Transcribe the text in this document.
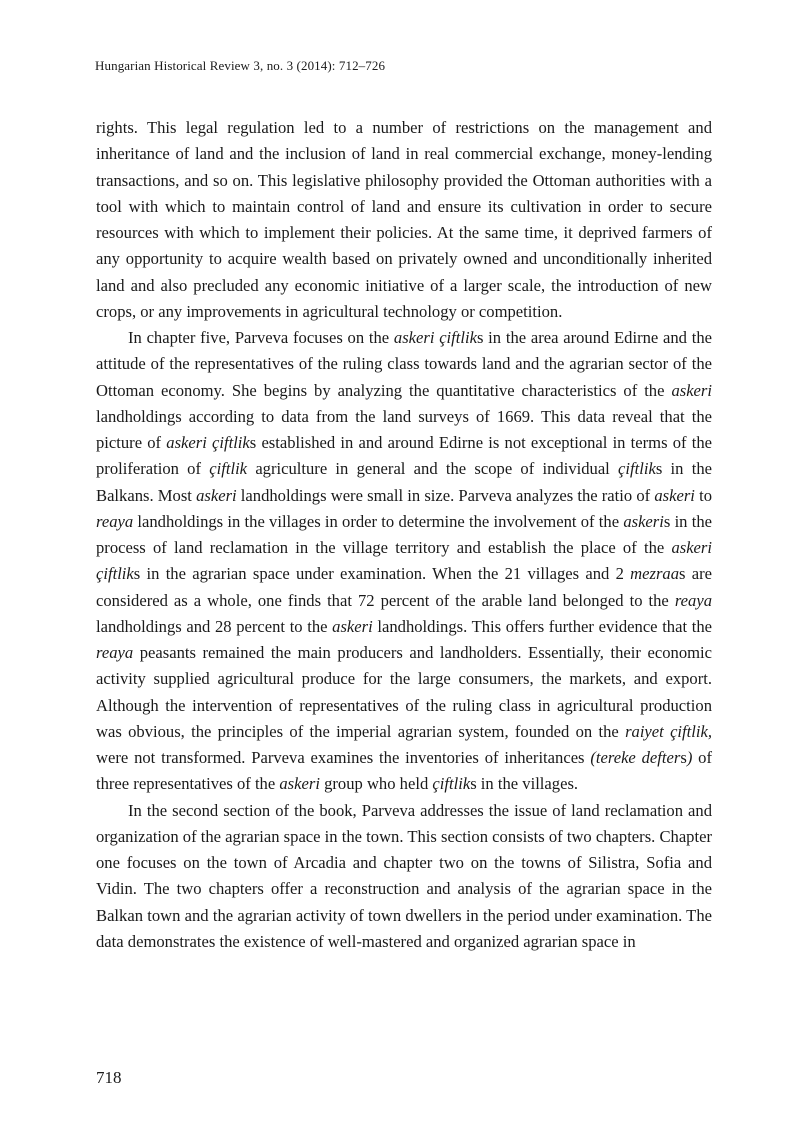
Hungarian Historical Review 3, no. 3 (2014): 712–726

rights. This legal regulation led to a number of restrictions on the management and inheritance of land and the inclusion of land in real commercial exchange, money-lending transactions, and so on. This legislative philosophy provided the Ottoman authorities with a tool with which to maintain control of land and ensure its cultivation in order to secure resources with which to implement their policies. At the same time, it deprived farmers of any opportunity to acquire wealth based on privately owned and unconditionally inherited land and also precluded any economic initiative of a larger scale, the introduction of new crops, or any improvements in agricultural technology or competition.

In chapter five, Parveva focuses on the askeri çiftliks in the area around Edirne and the attitude of the representatives of the ruling class towards land and the agrarian sector of the Ottoman economy. She begins by analyzing the quantitative characteristics of the askeri landholdings according to data from the land surveys of 1669. This data reveal that the picture of askeri çiftliks established in and around Edirne is not exceptional in terms of the proliferation of çiftlik agriculture in general and the scope of individual çiftliks in the Balkans. Most askeri landholdings were small in size. Parveva analyzes the ratio of askeri to reaya landholdings in the villages in order to determine the involvement of the askeris in the process of land reclamation in the village territory and establish the place of the askeri çiftliks in the agrarian space under examination. When the 21 villages and 2 mezraas are considered as a whole, one finds that 72 percent of the arable land belonged to the reaya landholdings and 28 percent to the askeri landholdings. This offers further evidence that the reaya peasants remained the main producers and landholders. Essentially, their economic activity supplied agricultural produce for the large consumers, the markets, and export. Although the intervention of representatives of the ruling class in agricultural production was obvious, the principles of the imperial agrarian system, founded on the raiyet çiftlik, were not transformed. Parveva examines the inventories of inheritances (tereke defters) of three representatives of the askeri group who held çiftliks in the villages.

In the second section of the book, Parveva addresses the issue of land reclamation and organization of the agrarian space in the town. This section consists of two chapters. Chapter one focuses on the town of Arcadia and chapter two on the towns of Silistra, Sofia and Vidin. The two chapters offer a reconstruction and analysis of the agrarian space in the Balkan town and the agrarian activity of town dwellers in the period under examination. The data demonstrates the existence of well-mastered and organized agrarian space in

718
